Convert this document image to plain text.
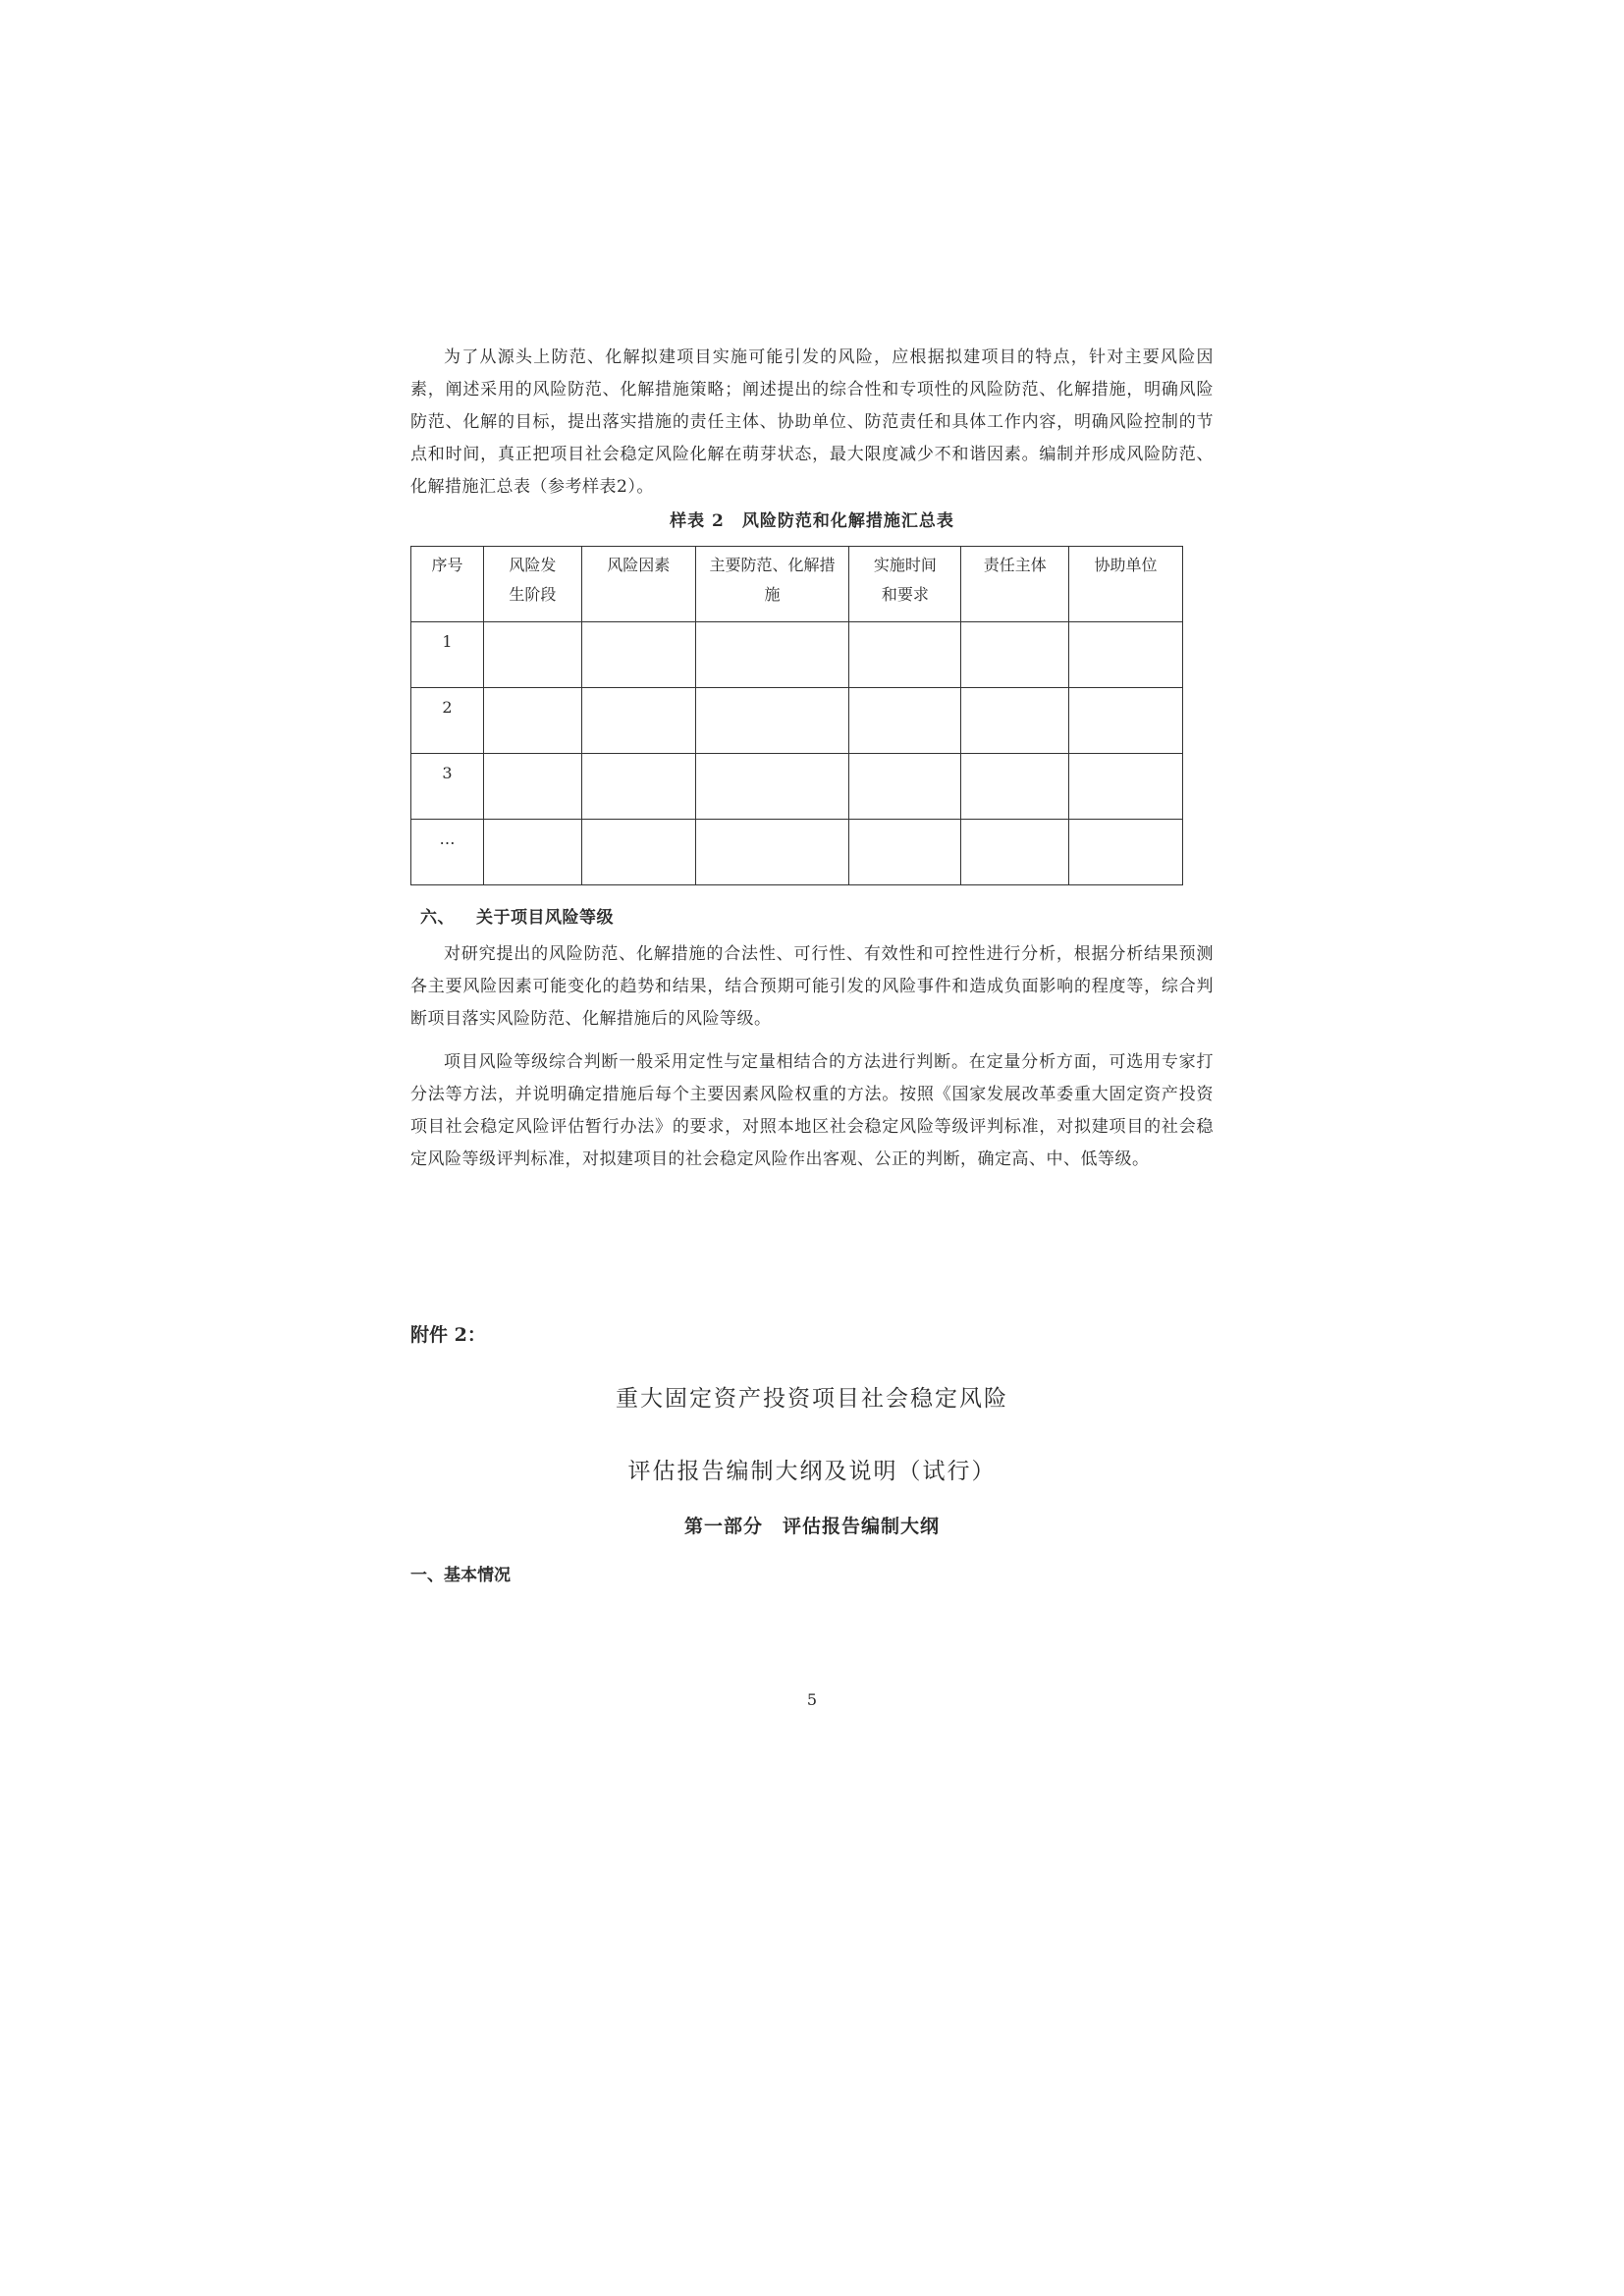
为了从源头上防范、化解拟建项目实施可能引发的风险，应根据拟建项目的特点，针对主要风险因素，阐述采用的风险防范、化解措施策略；阐述提出的综合性和专项性的风险防范、化解措施，明确风险防范、化解的目标，提出落实措施的责任主体、协助单位、防范责任和具体工作内容，明确风险控制的节点和时间，真正把项目社会稳定风险化解在萌芽状态，最大限度减少不和谐因素。编制并形成风险防范、化解措施汇总表（参考样表2）。

样表 2　风险防范和化解措施汇总表
序号	风险发生阶段	风险因素	主要防范、化解措施	实施时间和要求	责任主体	协助单位
1						
2						
3						
…						
六、 关于项目风险等级

对研究提出的风险防范、化解措施的合法性、可行性、有效性和可控性进行分析，根据分析结果预测各主要风险因素可能变化的趋势和结果，结合预期可能引发的风险事件和造成负面影响的程度等，综合判断项目落实风险防范、化解措施后的风险等级。

项目风险等级综合判断一般采用定性与定量相结合的方法进行判断。在定量分析方面，可选用专家打分法等方法，并说明确定措施后每个主要因素风险权重的方法。按照《国家发展改革委重大固定资产投资项目社会稳定风险评估暂行办法》的要求，对照本地区社会稳定风险等级评判标准，对拟建项目的社会稳定风险等级评判标准，对拟建项目的社会稳定风险作出客观、公正的判断，确定高、中、低等级。

附件 2：
重大固定资产投资项目社会稳定风险
评估报告编制大纲及说明（试行）
第一部分　评估报告编制大纲
一、基本情况
5
